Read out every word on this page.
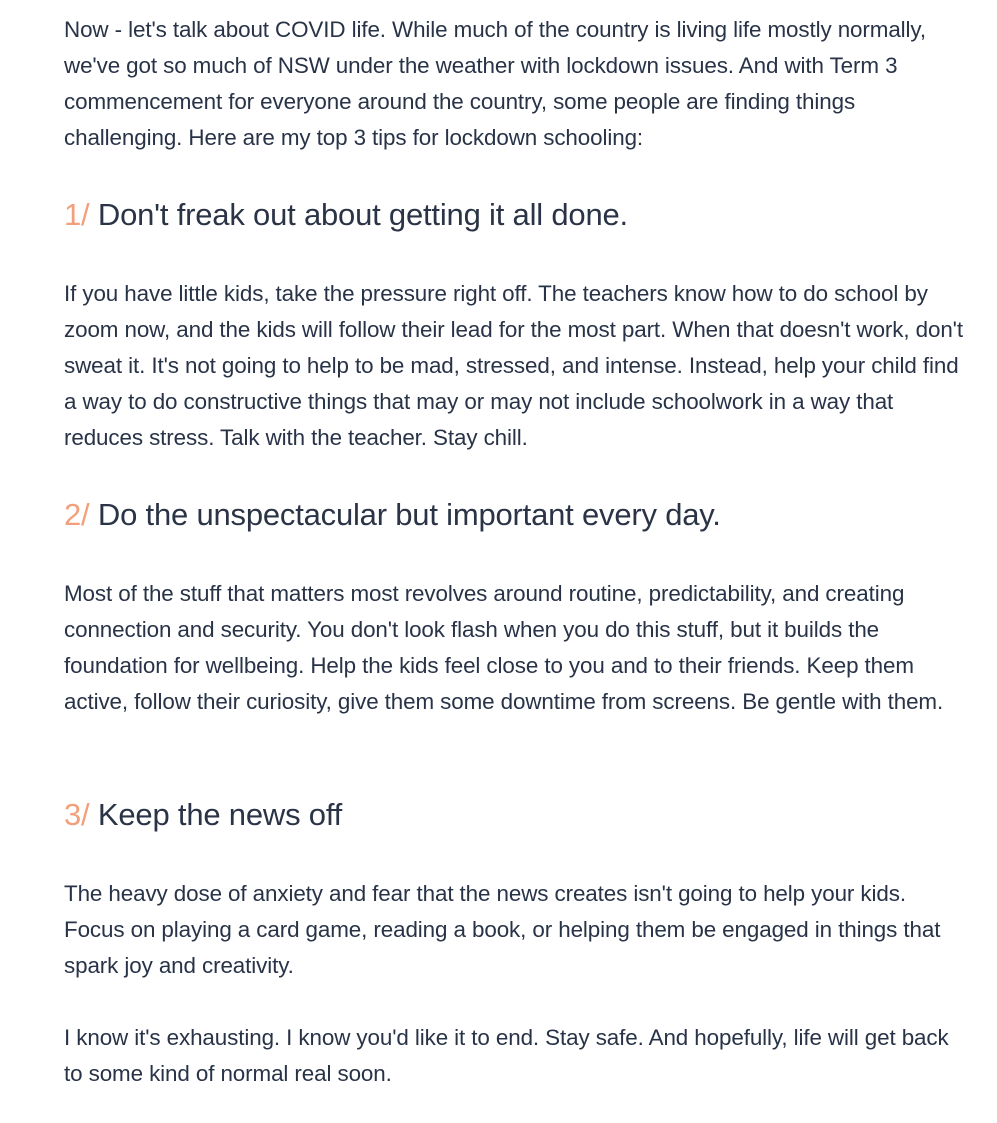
Now - let's talk about COVID life. While much of the country is living life mostly normally, we've got so much of NSW under the weather with lockdown issues. And with Term 3 commencement for everyone around the country, some people are finding things challenging. Here are my top 3 tips for lockdown schooling:

1/ Don't freak out about getting it all done.

If you have little kids, take the pressure right off. The teachers know how to do school by zoom now, and the kids will follow their lead for the most part. When that doesn't work, don't sweat it. It's not going to help to be mad, stressed, and intense. Instead, help your child find a way to do constructive things that may or may not include schoolwork in a way that reduces stress. Talk with the teacher. Stay chill.

2/ Do the unspectacular but important every day.

Most of the stuff that matters most revolves around routine, predictability, and creating connection and security. You don't look flash when you do this stuff, but it builds the foundation for wellbeing. Help the kids feel close to you and to their friends. Keep them active, follow their curiosity, give them some downtime from screens. Be gentle with them.

3/ Keep the news off

The heavy dose of anxiety and fear that the news creates isn't going to help your kids. Focus on playing a card game, reading a book, or helping them be engaged in things that spark joy and creativity.

I know it's exhausting. I know you'd like it to end. Stay safe. And hopefully, life will get back to some kind of normal real soon.
